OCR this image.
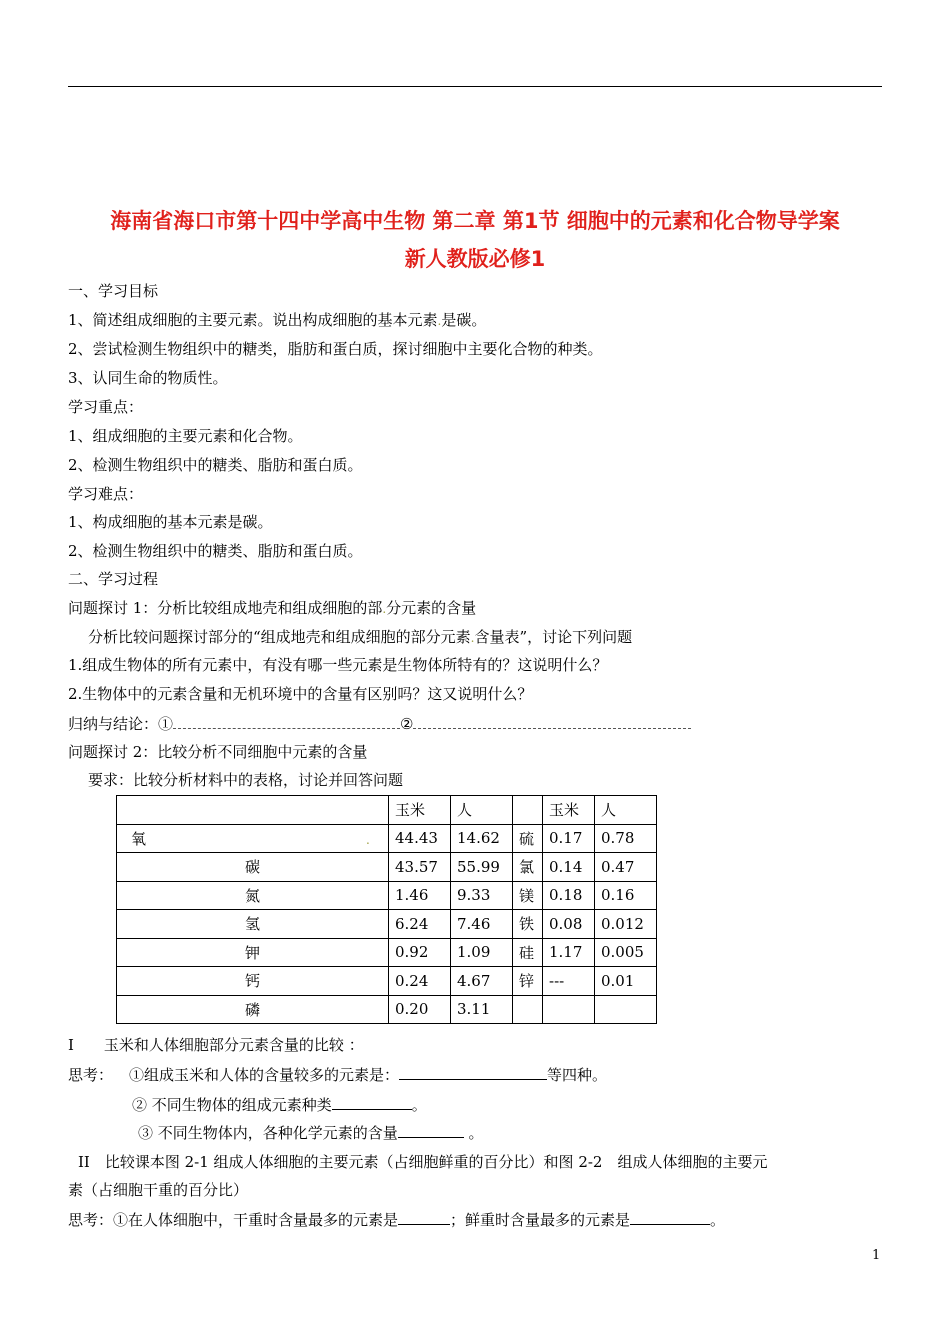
海南省海口市第十四中学高中生物 第二章 第1节 细胞中的元素和化合物导学案
新人教版必修1
一、学习目标
1、简述组成细胞的主要元素。说出构成细胞的基本元素.是碳。
2、尝试检测生物组织中的糖类，脂肪和蛋白质，探讨细胞中主要化合物的种类。
3、认同生命的物质性。
学习重点：
1、组成细胞的主要元素和化合物。
2、检测生物组织中的糖类、脂肪和蛋白质。
学习难点：
1、构成细胞的基本元素是碳。
2、检测生物组织中的糖类、脂肪和蛋白质。
二、学习过程
问题探讨 1：分析比较组成地壳和组成细胞的部.分元素的含量
分析比较问题探讨部分的“组成地壳和组成细胞的部分元素.含量表”，讨论下列问题
1.组成生物体的所有元素中，有没有哪一些元素是生物体所特有的？这说明什么？
2.生物体中的元素含量和无机环境中的含量有区别吗？这又说明什么？
归纳与结论：①	②
问题探讨 2：比较分析不同细胞中元素的含量
要求：比较分析材料中的表格，讨论并回答问题
	玉米	人		玉米	人
氧 .	44.43	14.62	硫	0.17	0.78
碳	43.57	55.99	氯	0.14	0.47
氮	1.46	9.33	镁	0.18	0.16
氢	6.24	7.46	铁	0.08	0.012
钾	0.92	1.09	硅	1.17	0.005
钙	0.24	4.67	锌	---	0.01
磷	0.20	3.11			
I　　玉米和人体细胞部分元素含量的比较 ：
思考： ①组成玉米和人体的含量较多的元素是：	等四种。
② 不同生物体的组成元素种类	。
③ 不同生物体内，各种化学元素的含量	。
II　比较课本图 2-1 组成人体细胞的主要元素（占细胞鲜重的百分比）和图 2-2　组成人体细胞的主要元
素（占细胞干重的百分比）
思考：①在人体细胞中，干重时含量最多的元素是	；鲜重时含量最多的元素是	。
1
